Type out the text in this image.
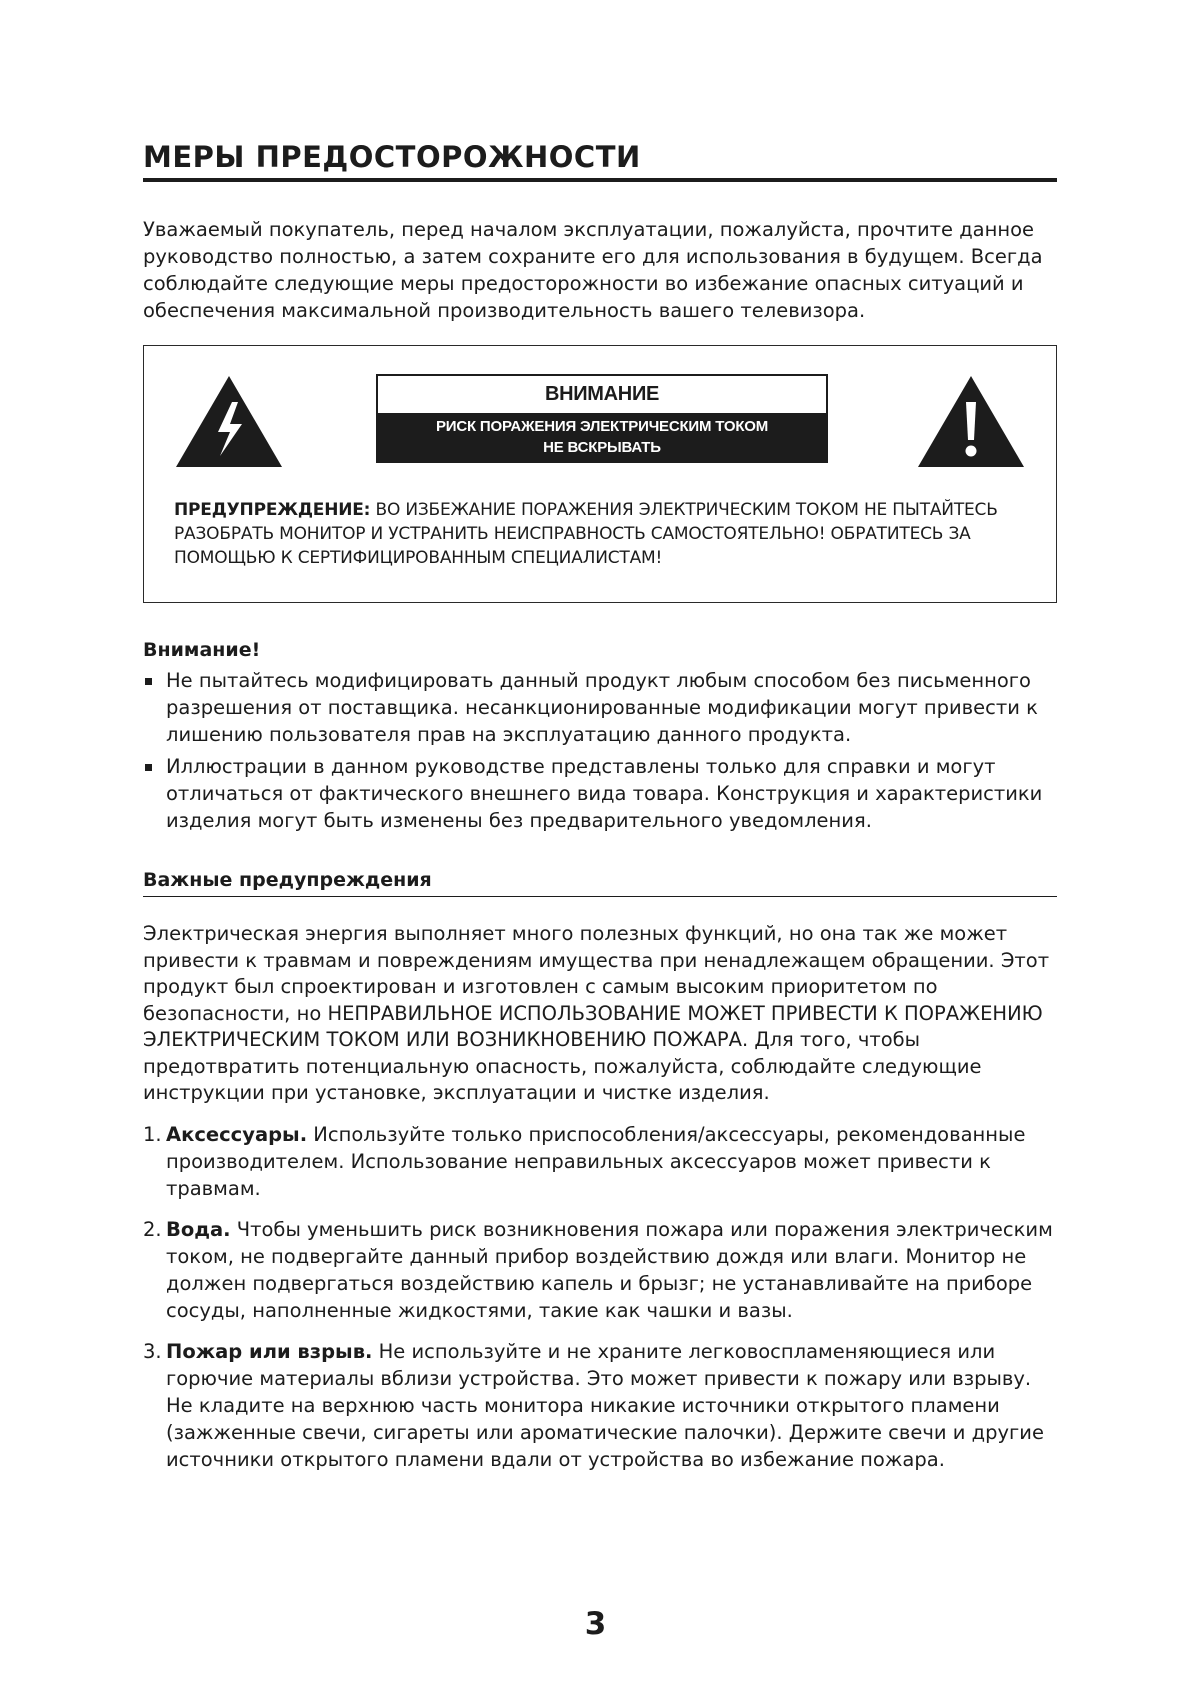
МЕРЫ ПРЕДОСТОРОЖНОСТИ

Уважаемый покупатель, перед началом эксплуатации, пожалуйста, прочтите данное руководство полностью, а затем сохраните его для использования в будущем. Всегда соблюдайте следующие меры предосторожности во избежание опасных ситуаций и обеспечения максимальной производительность вашего телевизора.

ВНИМАНИЕ
РИСК ПОРАЖЕНИЯ ЭЛЕКТРИЧЕСКИМ ТОКОМ
НЕ ВСКРЫВАТЬ
ПРЕДУПРЕЖДЕНИЕ: ВО ИЗБЕЖАНИЕ ПОРАЖЕНИЯ ЭЛЕКТРИЧЕСКИМ ТОКОМ НЕ ПЫТАЙТЕСЬ РАЗОБРАТЬ МОНИТОР И УСТРАНИТЬ НЕИСПРАВНОСТЬ САМОСТОЯТЕЛЬНО! ОБРАТИТЕСЬ ЗА ПОМОЩЬЮ К СЕРТИФИЦИРОВАННЫМ СПЕЦИАЛИСТАМ!
Внимание!
Не пытайтесь модифицировать данный продукт любым способом без письменного разрешения от поставщика. несанкционированные модификации могут привести к лишению пользователя прав на эксплуатацию данного продукта.
Иллюстрации в данном руководстве представлены только для справки и могут отличаться от фактического внешнего вида товара. Конструкция и характеристики изделия могут быть изменены без предварительного уведомления.
Важные предупреждения

Электрическая энергия выполняет много полезных функций, но она так же может привести к травмам и повреждениям имущества при ненадлежащем обращении. Этот продукт был спроектирован и изготовлен с самым высоким приоритетом по безопасности, но НЕПРАВИЛЬНОЕ ИСПОЛЬЗОВАНИЕ МОЖЕТ ПРИВЕСТИ К ПОРАЖЕНИЮ ЭЛЕКТРИЧЕСКИМ ТОКОМ ИЛИ ВОЗНИКНОВЕНИЮ ПОЖАРА. Для того, чтобы предотвратить потенциальную опасность, пожалуйста, соблюдайте следующие инструкции при установке, эксплуатации и чистке изделия.

1. Аксессуары. Используйте только приспособления/аксессуары, рекомендованные производителем. Использование неправильных аксессуаров может привести к травмам.
2. Вода. Чтобы уменьшить риск возникновения пожара или поражения электрическим током, не подвергайте данный прибор воздействию дождя или влаги. Монитор не должен подвергаться воздействию капель и брызг; не устанавливайте на приборе сосуды, наполненные жидкостями, такие как чашки и вазы.
3. Пожар или взрыв. Не используйте и не храните легковоспламеняющиеся или горючие материалы вблизи устройства. Это может привести к пожару или взрыву. Не кладите на верхнюю часть монитора никакие источники открытого пламени (зажженные свечи, сигареты или ароматические палочки). Держите свечи и другие источники открытого пламени вдали от устройства во избежание пожара.
3
